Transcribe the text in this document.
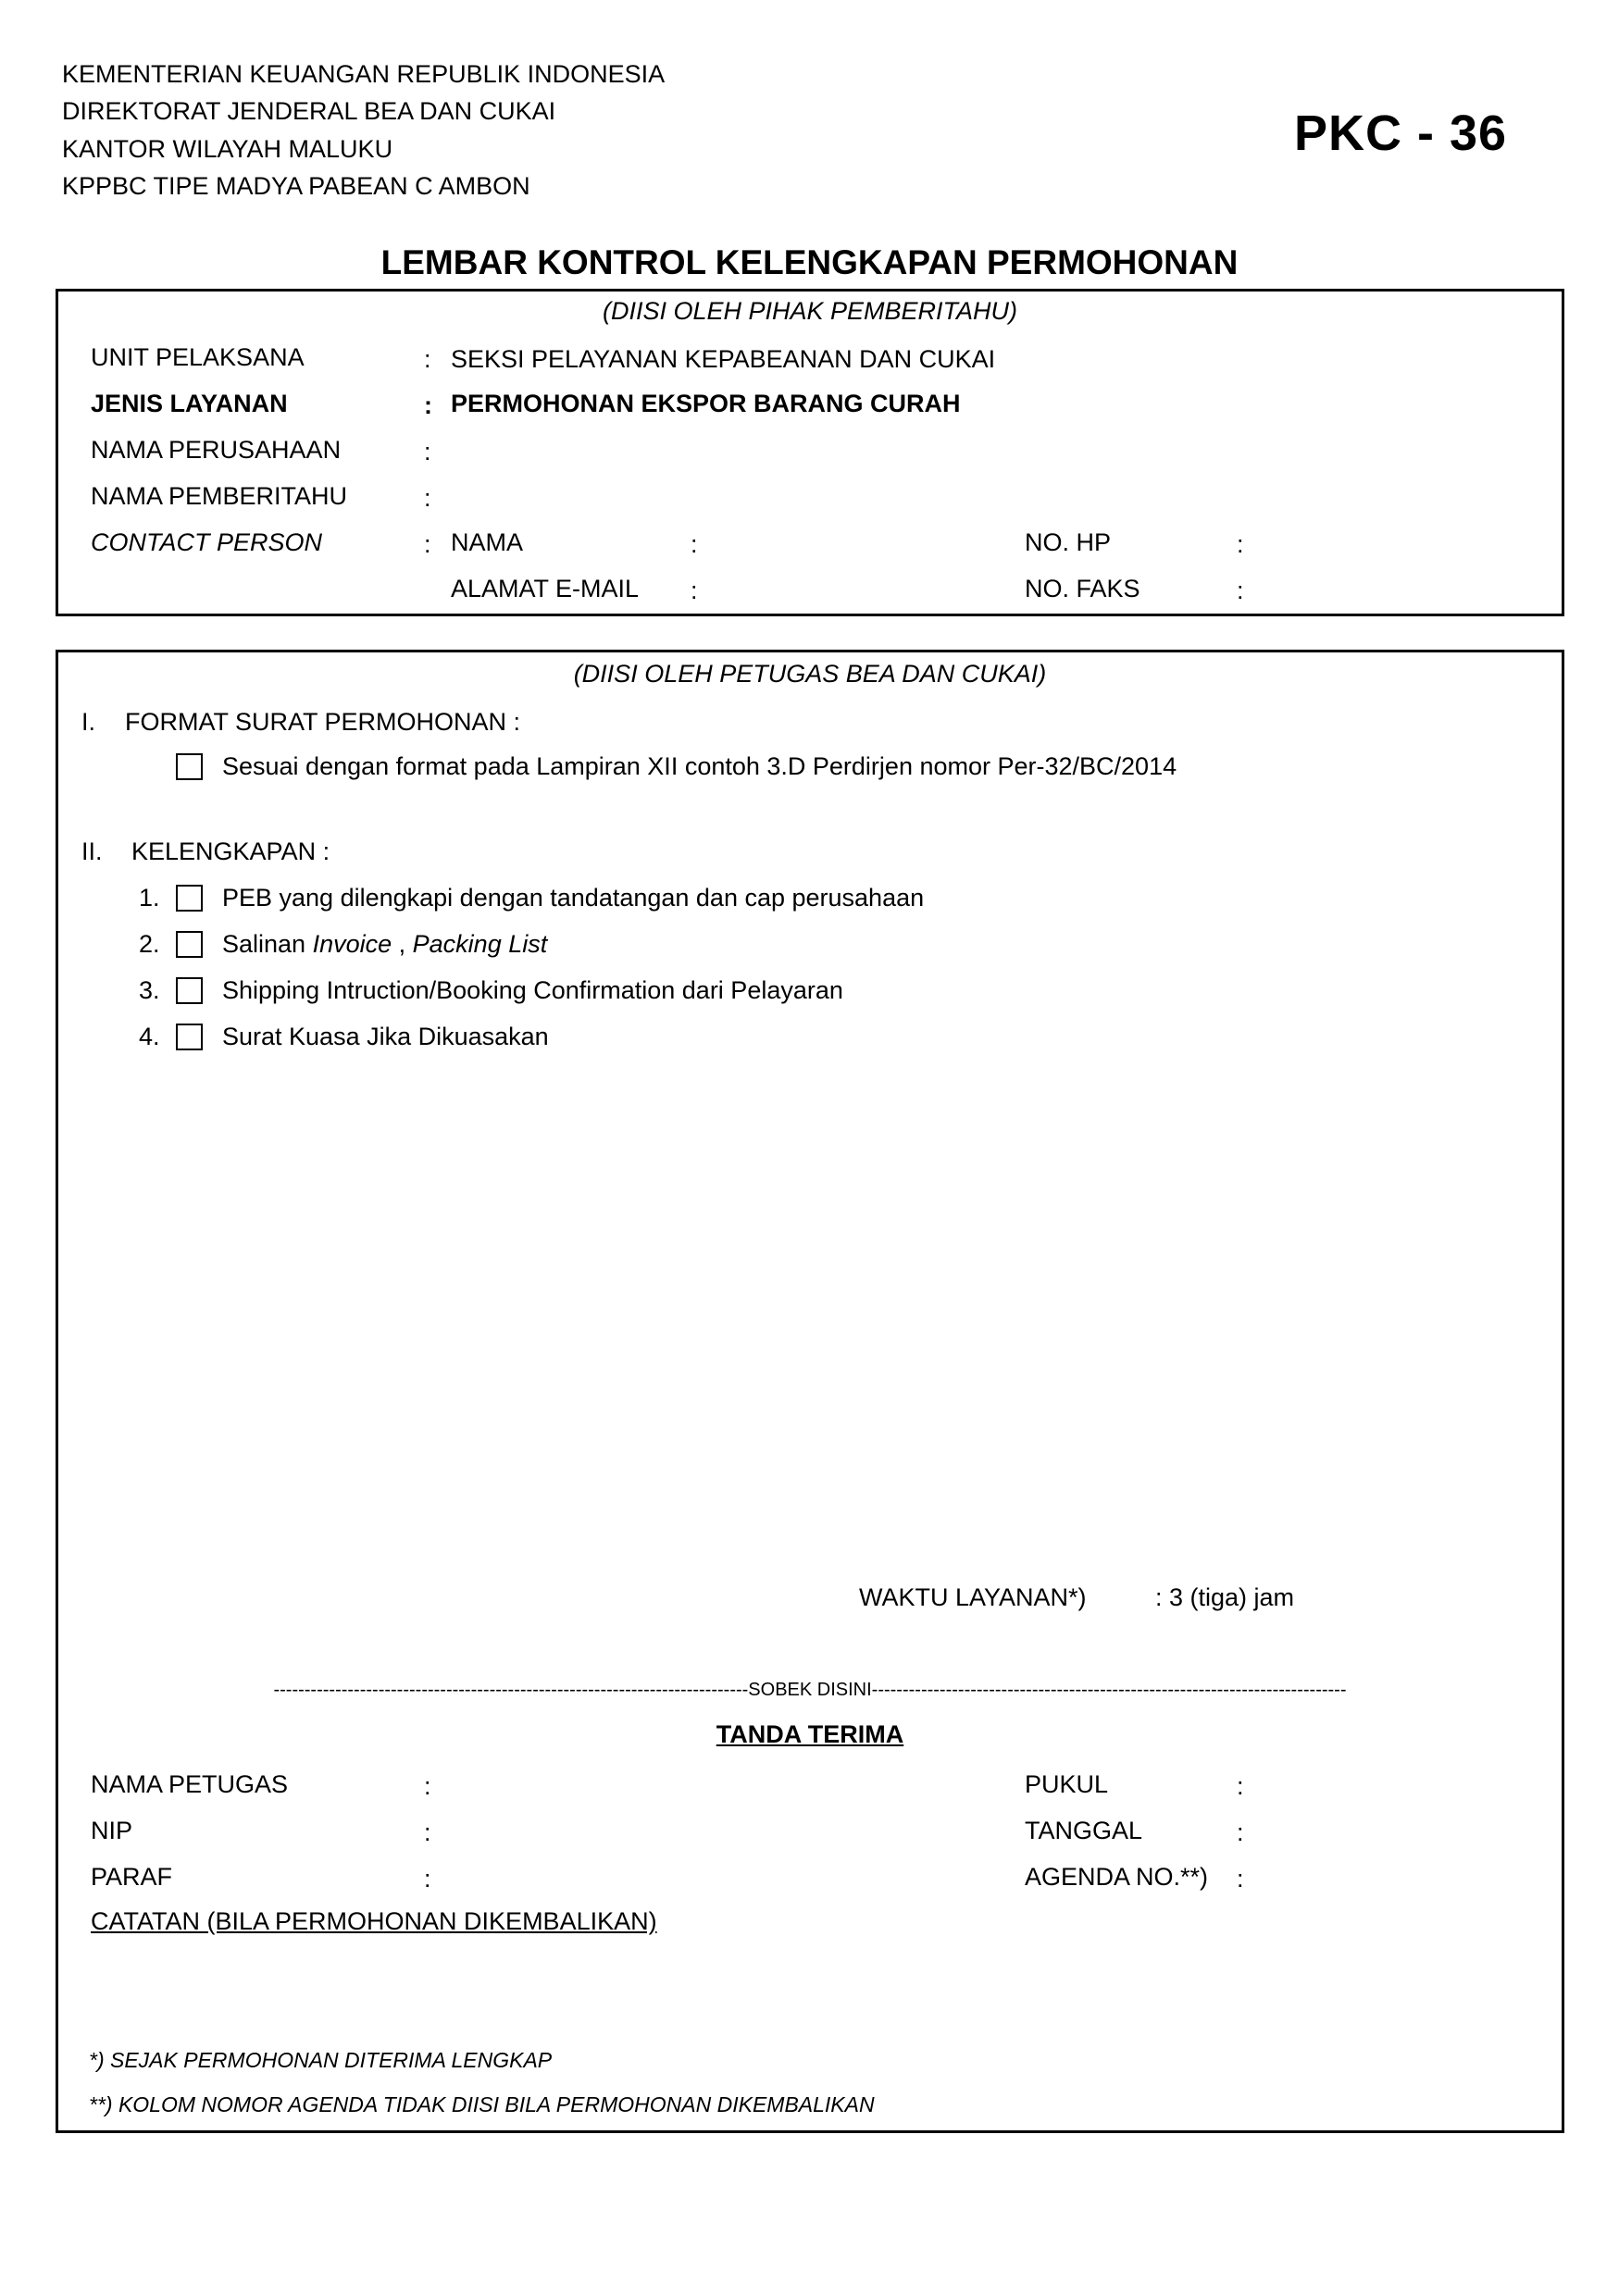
KEMENTERIAN KEUANGAN REPUBLIK INDONESIA
DIREKTORAT JENDERAL BEA DAN CUKAI
KANTOR WILAYAH MALUKU
KPPBC TIPE MADYA PABEAN C AMBON
PKC - 36
LEMBAR KONTROL KELENGKAPAN PERMOHONAN
(DIISI OLEH PIHAK PEMBERITAHU)
UNIT PELAKSANA	: SEKSI PELAYANAN KEPABEANAN DAN CUKAI
JENIS LAYANAN	: PERMOHONAN EKSPOR BARANG CURAH
NAMA PERUSAHAAN	:
NAMA PEMBERITAHU	:
CONTACT PERSON	: NAMA	:	NO. HP	:
ALAMAT E-MAIL :	NO. FAKS	:
(DIISI OLEH PETUGAS BEA DAN CUKAI)
I. FORMAT SURAT PERMOHONAN :
Sesuai dengan format pada Lampiran XII contoh 3.D Perdirjen nomor Per-32/BC/2014
II. KELENGKAPAN :
1. PEB yang dilengkapi dengan tandatangan dan cap perusahaan
2. Salinan Invoice , Packing List
3. Shipping Intruction/Booking Confirmation dari Pelayaran
4. Surat Kuasa Jika Dikuasakan
WAKTU LAYANAN*)	: 3 (tiga) jam
-----------------------------------------------------------------------------SOBEK DISINI-----------------------------------------------------------------------------
TANDA TERIMA
NAMA PETUGAS	:	PUKUL	:
NIP	:	TANGGAL	:
PARAF	:	AGENDA NO.**) :
CATATAN (BILA PERMOHONAN DIKEMBALIKAN)
*) SEJAK PERMOHONAN DITERIMA LENGKAP
**) KOLOM NOMOR AGENDA TIDAK DIISI BILA PERMOHONAN DIKEMBALIKAN
